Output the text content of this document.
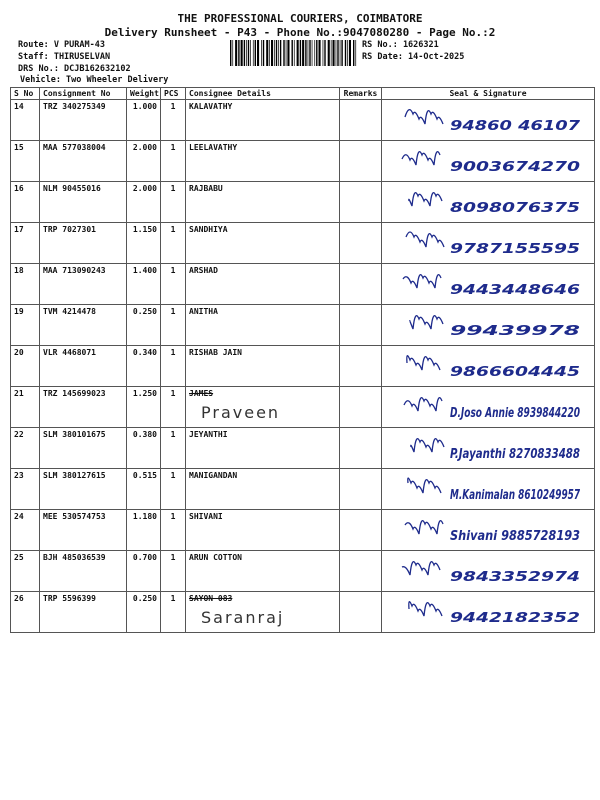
THE PROFESSIONAL COURIERS, COIMBATORE
Delivery Runsheet - P43 - Phone No.:9047080280 - Page No.:2
Route: V PURAM-43
Staff: THIRUSELVAN
DRS No.: DCJB162632102
Vehicle: Two Wheeler Delivery
RS No.: 1626321
RS Date: 14-Oct-2025
S No	Consignment No	Weight	PCS	Consignee Details	Remarks	Seal & Signature
14	TRZ 340275349	1.000	1	KALAVATHY		94860 46107

15	MAA 577038004	2.000	1	LEELAVATHY		9003674270

16	NLM 90455016	2.000	1	RAJBABU		8098076375

17	TRP 7027301	1.150	1	SANDHIYA		9787155595

18	MAA 713090243	1.400	1	ARSHAD		9443448646

19	TVM 4214478	0.250	1	ANITHA		99439978

20	VLR 4468071	0.340	1	RISHAB JAIN		9866604445

21	TRZ 145699023	1.250	1	JAMES
Praveen		D.Joso Annie 8939844220

22	SLM 380101675	0.380	1	JEYANTHI		P.Jayanthi 8270833488

23	SLM 380127615	0.515	1	MANIGANDAN		M.Kanimalan 8610249957

24	MEE 530574753	1.180	1	SHIVANI		Shivani 9885728193

25	BJH 485036539	0.700	1	ARUN COTTON		9843352974

26	TRP 5596399	0.250	1	SAYON 083
Saranraj		9442182352
